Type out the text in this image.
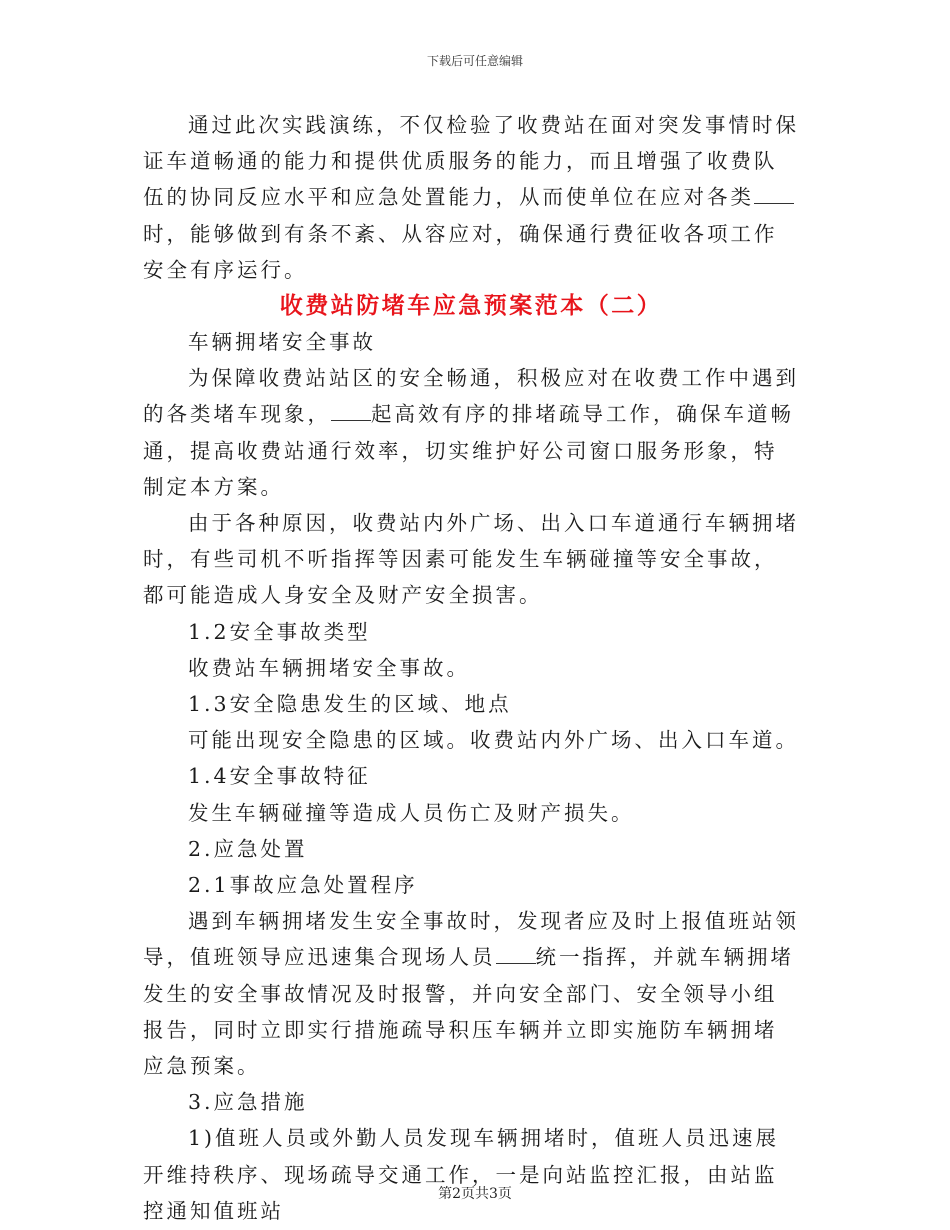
下载后可任意编辑

通过此次实践演练，不仅检验了收费站在面对突发事情时保证车道畅通的能力和提供优质服务的能力，而且增强了收费队伍的协同反应水平和应急处置能力，从而使单位在应对各类时，能够做到有条不紊、从容应对，确保通行费征收各项工作安全有序运行。

收费站防堵车应急预案范本（二）

车辆拥堵安全事故

为保障收费站站区的安全畅通，积极应对在收费工作中遇到的各类堵车现象， 起高效有序的排堵疏导工作，确保车道畅通，提高收费站通行效率，切实维护好公司窗口服务形象，特制定本方案。

由于各种原因，收费站内外广场、出入口车道通行车辆拥堵时，有些司机不听指挥等因素可能发生车辆碰撞等安全事故，都可能造成人身安全及财产安全损害。

1.2安全事故类型

收费站车辆拥堵安全事故。

1.3安全隐患发生的区域、地点

可能出现安全隐患的区域。收费站内外广场、出入口车道。

1.4安全事故特征

发生车辆碰撞等造成人员伤亡及财产损失。

2.应急处置

2.1事故应急处置程序

遇到车辆拥堵发生安全事故时，发现者应及时上报值班站领导，值班领导应迅速集合现场人员 统一指挥，并就车辆拥堵发生的安全事故情况及时报警，并向安全部门、安全领导小组报告，同时立即实行措施疏导积压车辆并立即实施防车辆拥堵应急预案。

3.应急措施

1)值班人员或外勤人员发现车辆拥堵时，值班人员迅速展开维持秩序、现场疏导交通工作，一是向站监控汇报，由站监控通知值班站

第2页共3页
